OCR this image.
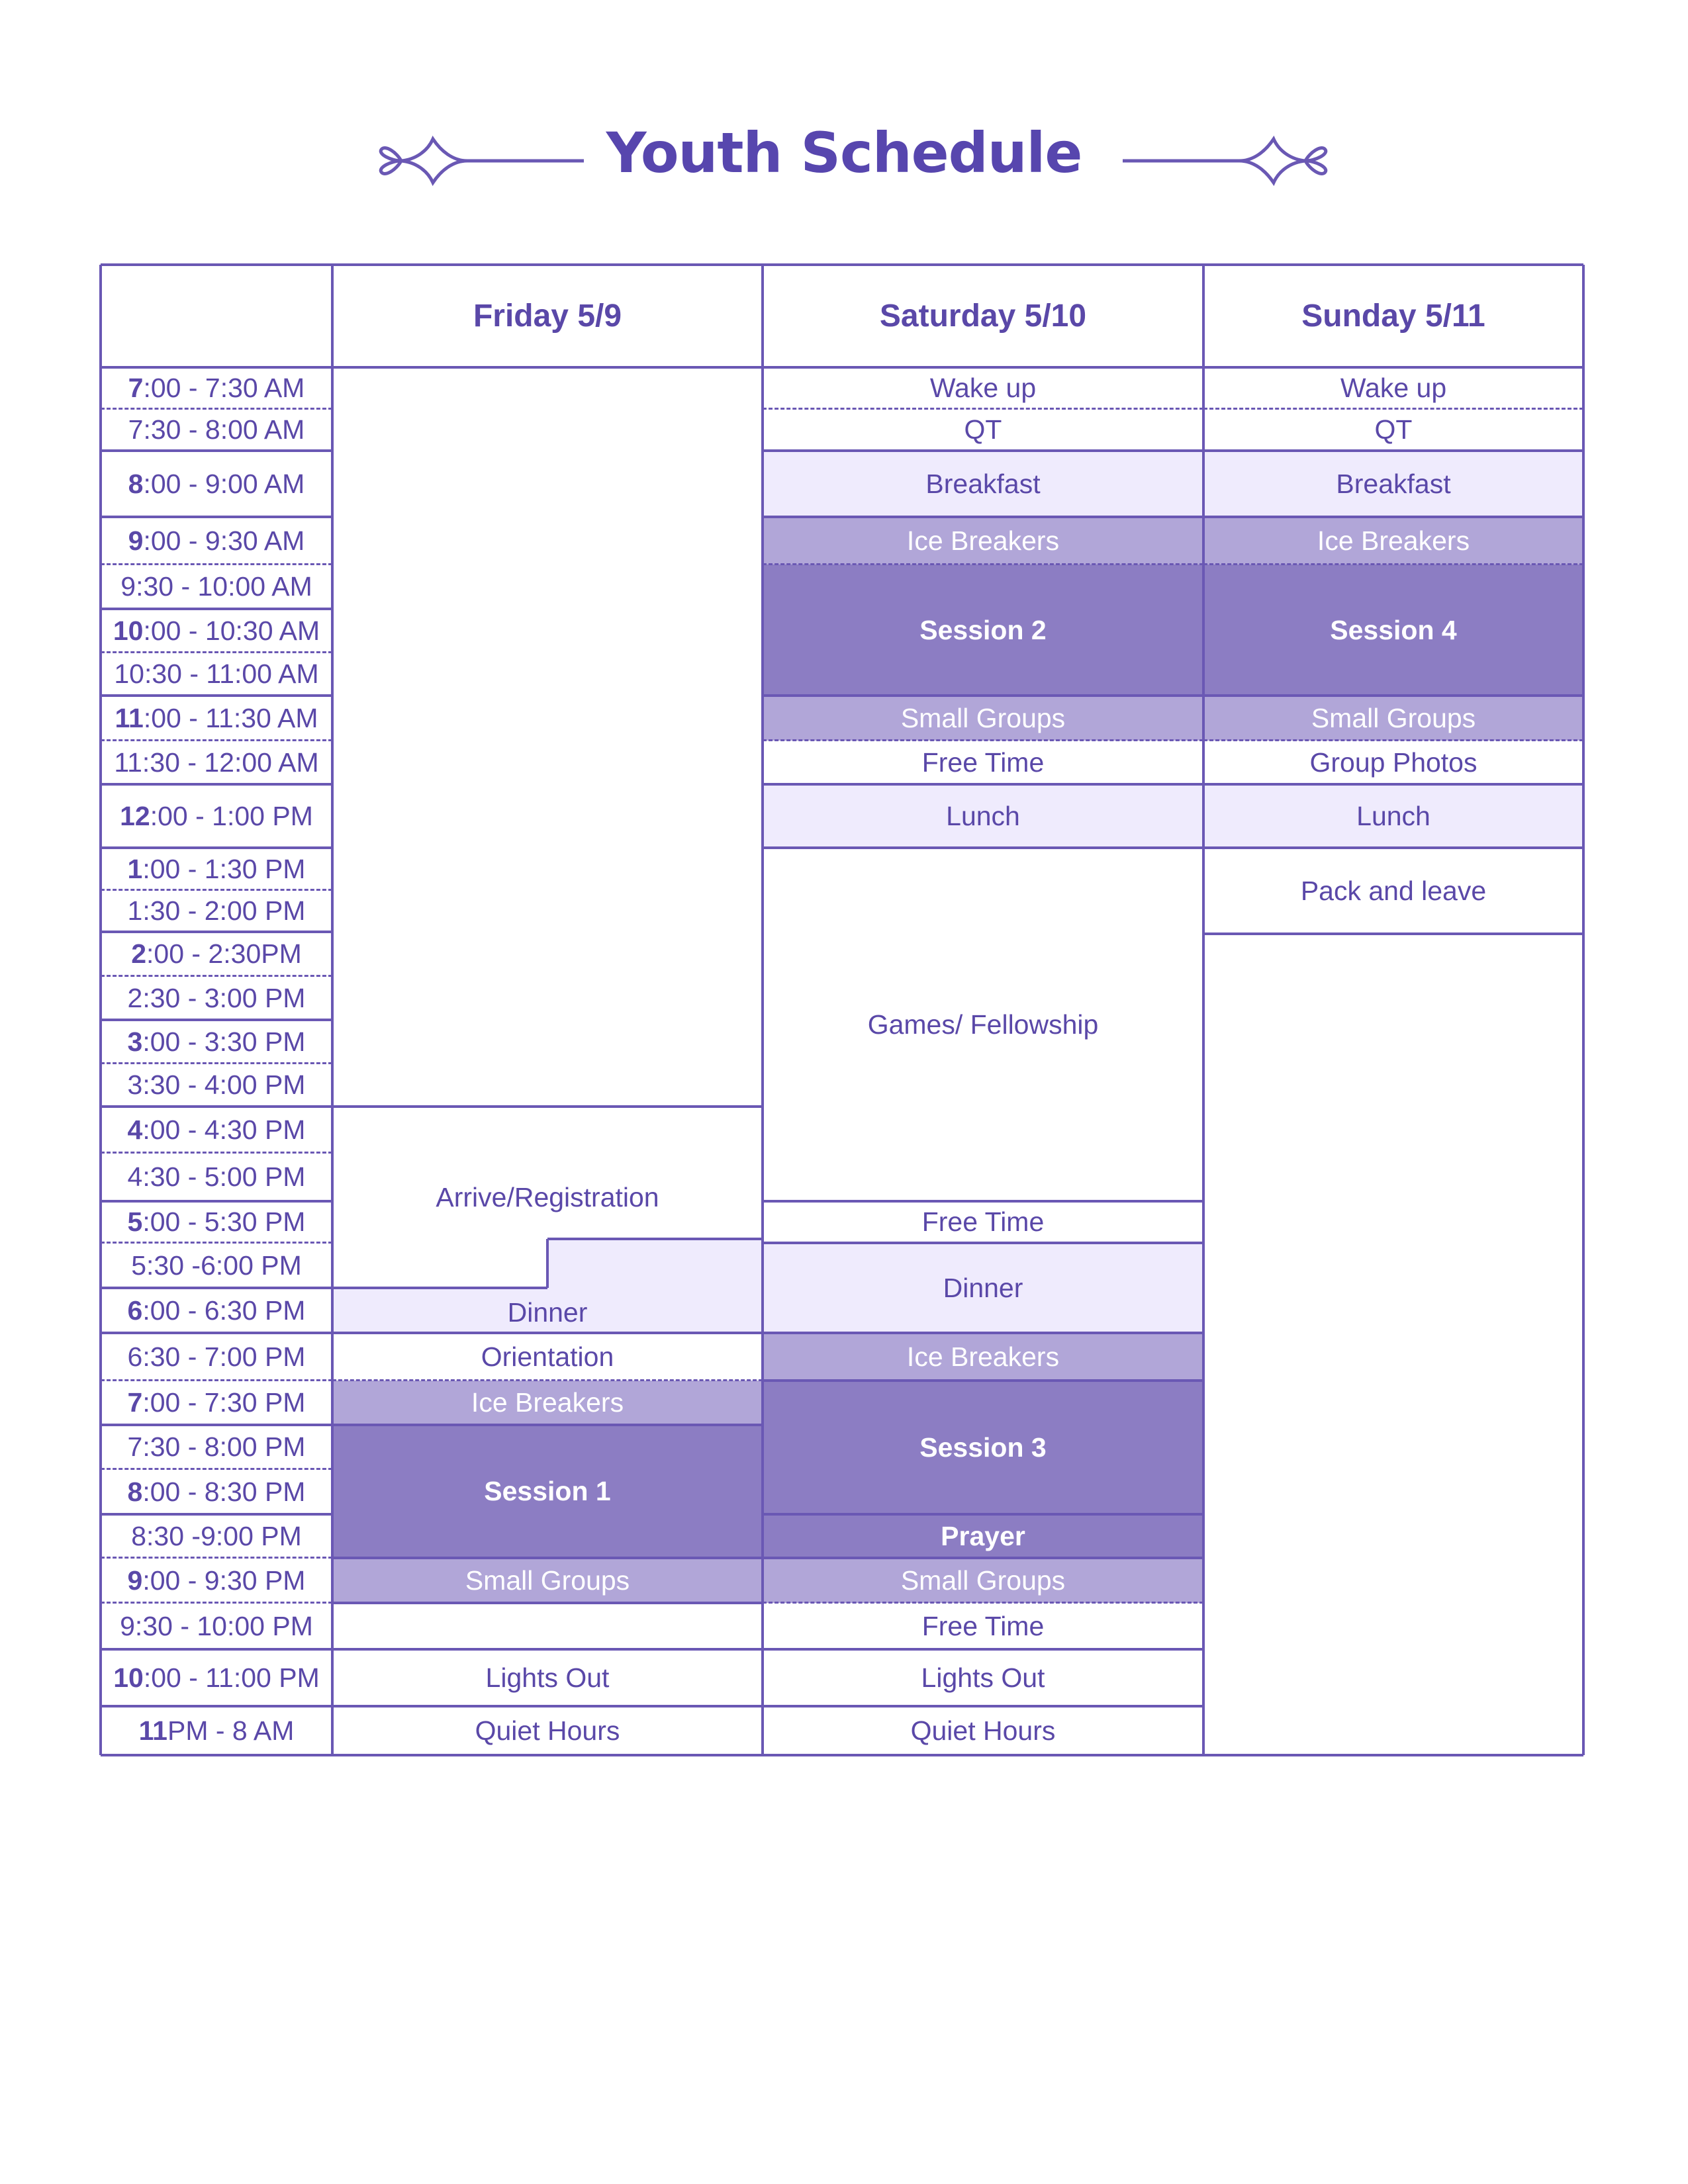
Youth Schedule
Friday 5/9	Saturday 5/10	Sunday 5/11
7 :00 - 7:30 AM
7:30 - 8:00 AM
8 :00 - 9:00 AM
9 :00 - 9:30 AM
9:30 - 10:00 AM
10 :00 - 10:30 AM
10:30 - 11:00 AM
11 :00 - 11:30 AM
11:30 - 12:00 AM
12 :00 - 1:00 PM
1 :00 - 1:30 PM
1:30 - 2:00 PM
2 :00 - 2:30PM
2:30 - 3:00 PM
3 :00 - 3:30 PM
3:30 - 4:00 PM
4 :00 - 4:30 PM
4:30 - 5:00 PM
5 :00 - 5:30 PM
5:30 -6:00 PM
6 :00 - 6:30 PM
6:30 - 7:00 PM
7 :00 - 7:30 PM
7:30 - 8:00 PM
8 :00 - 8:30 PM
8:30 -9:00 PM
9 :00 - 9:30 PM
9:30 - 10:00 PM
10 :00 - 11:00 PM
11 PM - 8 AM
Arrive/Registration
Dinner
Orientation
Ice Breakers
Session 1
Small Groups
Lights Out
Quiet Hours
Wake up
QT
Breakfast
Ice Breakers
Session 2
Small Groups
Free Time
Lunch
Games/ Fellowship
Free Time
Dinner
Ice Breakers
Session 3
Prayer
Small Groups
Free Time
Lights Out
Quiet Hours
Wake up
QT
Breakfast
Ice Breakers
Session 4
Small Groups
Group Photos
Lunch
Pack and leave
